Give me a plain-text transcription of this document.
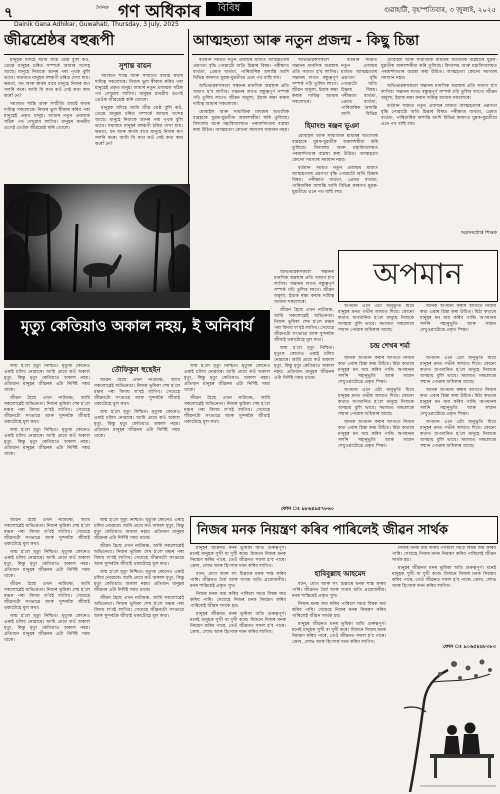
৭	দৈনিক গণ অধিকাৰ	বিবিধ	গুৱাহাটী, বৃহস্পতিবাৰ, ৩ জুলাই, ২০২৫
Dainik Gana Adhikar, Guwahati, Thursday, 3 July, 2025
জীৱশ্ৰেষ্ঠৰ বহুৰূপী

মানুহক যদিহে আমি জীৱ শ্ৰেষ্ঠ বুলি কওঁ, তেন্তে মানুহৰ চৰিত্ৰ সম্পৰ্কে আমাৰ সন্দেহ আছে। মানুহে নিজকে আনৰ পৰা পৃথক বুলি ভাবে। সমাজত মানুহৰ বহুৰূপী চৰিত্ৰ দেখা যায়। ক্ষমতা, ধন আৰু স্বাৰ্থৰ বাবে মানুহে নিজৰ ৰূপ সলনি কৰে। আমি যি কথা কওঁ সেই কথা কাম কৰোঁ নে?

সমাজত শান্তি আৰু সম্প্ৰীতি বজাই ৰখাৰ দায়িত্ব সকলোৰে। নিজৰ ভুল স্বীকাৰ কৰিব পৰা মানুহেই প্ৰকৃত মানুহ। আমাৰ নতুন প্ৰজন্মক সঠিক পথ দেখুৱাব লাগিব। মানুহৰ মানৱীয় গুণেই তেওঁক জীৱশ্ৰেষ্ঠ কৰি তোলে।

সুশান্ত বায়ন

সমাজত শান্তি আৰু সম্প্ৰীতি বজাই ৰখাৰ দায়িত্ব সকলোৰে। নিজৰ ভুল স্বীকাৰ কৰিব পৰা মানুহেই প্ৰকৃত মানুহ। আমাৰ নতুন প্ৰজন্মক সঠিক পথ দেখুৱাব লাগিব। মানুহৰ মানৱীয় গুণেই তেওঁক জীৱশ্ৰেষ্ঠ কৰি তোলে।

মানুহক যদিহে আমি জীৱ শ্ৰেষ্ঠ বুলি কওঁ, তেন্তে মানুহৰ চৰিত্ৰ সম্পৰ্কে আমাৰ সন্দেহ আছে। মানুহে নিজকে আনৰ পৰা পৃথক বুলি ভাবে। সমাজত মানুহৰ বহুৰূপী চৰিত্ৰ দেখা যায়। ক্ষমতা, ধন আৰু স্বাৰ্থৰ বাবে মানুহে নিজৰ ৰূপ সলনি কৰে। আমি যি কথা কওঁ সেই কথা কাম কৰোঁ নে?

আত্মহত্যা আৰু নতুন প্ৰজন্ম - কিছু চিন্তা

বৰ্তমান সময়ত নতুন প্ৰজন্মৰ মাজত আত্মহত্যাৰ প্ৰৱণতা বৃদ্ধি পোৱাটো অতি চিন্তাৰ বিষয়। পৰীক্ষাত ব্যৰ্থতা, প্ৰেমত ব্যৰ্থতা, পাৰিবাৰিক অশান্তি আদি বিভিন্ন কাৰণত যুৱক-যুৱতীয়ে এনে পথ বাছি লয়।

অভিভাৱকসকলে সন্তানৰ মানসিক অৱস্থাৰ প্ৰতি সজাগ হ'ব লাগিব। সন্তানৰ লগত বন্ধুত্বপূৰ্ণ সম্পৰ্ক গঢ়ি তুলিব লাগে। জীৱন অমূল্য, ইয়াক ৰক্ষা কৰাৰ দায়িত্ব আমাৰ সকলোৰে।

মোবাইল আৰু সামাজিক মাধ্যমৰ অত্যধিক ব্যৱহাৰে যুৱক-যুৱতীক অকলশৰীয়া কৰি তুলিছে। বিদ্যালয় আৰু মহাবিদ্যালয়ত পৰামৰ্শদাতাৰ ব্যৱস্থা কৰা উচিত। আত্মহত্যা কোনো সমস্যাৰ সমাধান নহয়।

অভিভাৱকসকলে সন্তানৰ মানসিক অৱস্থাৰ প্ৰতি সজাগ হ'ব লাগিব। সন্তানৰ লগত বন্ধুত্বপূৰ্ণ সম্পৰ্ক গঢ়ি তুলিব লাগে। জীৱন অমূল্য, ইয়াক ৰক্ষা কৰাৰ দায়িত্ব আমাৰ সকলোৰে।

হিমাংশু ৰঞ্জন ভূঞা

মোবাইল আৰু সামাজিক মাধ্যমৰ অত্যধিক ব্যৱহাৰে যুৱক-যুৱতীক অকলশৰীয়া কৰি তুলিছে। বিদ্যালয় আৰু মহাবিদ্যালয়ত পৰামৰ্শদাতাৰ ব্যৱস্থা কৰা উচিত। আত্মহত্যা কোনো সমস্যাৰ সমাধান নহয়।

বৰ্তমান সময়ত নতুন প্ৰজন্মৰ মাজত আত্মহত্যাৰ প্ৰৱণতা বৃদ্ধি পোৱাটো অতি চিন্তাৰ বিষয়। পৰীক্ষাত ব্যৰ্থতা, প্ৰেমত ব্যৰ্থতা, পাৰিবাৰিক অশান্তি আদি বিভিন্ন কাৰণত যুৱক-যুৱতীয়ে এনে পথ বাছি লয়।

বৰ্তমান সময়ত নতুন প্ৰজন্মৰ মাজত আত্মহত্যাৰ প্ৰৱণতা বৃদ্ধি পোৱাটো অতি চিন্তাৰ বিষয়। পৰীক্ষাত ব্যৰ্থতা, প্ৰেমত ব্যৰ্থতা, পাৰিবাৰিক অশান্তি আদি বিভিন্ন

মোবাইল আৰু সামাজিক মাধ্যমৰ অত্যধিক ব্যৱহাৰে যুৱক-যুৱতীক অকলশৰীয়া কৰি তুলিছে। বিদ্যালয় আৰু মহাবিদ্যালয়ত পৰামৰ্শদাতাৰ ব্যৱস্থা কৰা উচিত। আত্মহত্যা কোনো সমস্যাৰ সমাধান নহয়।

অভিভাৱকসকলে সন্তানৰ মানসিক অৱস্থাৰ প্ৰতি সজাগ হ'ব লাগিব। সন্তানৰ লগত বন্ধুত্বপূৰ্ণ সম্পৰ্ক গঢ়ি তুলিব লাগে। জীৱন অমূল্য, ইয়াক ৰক্ষা কৰাৰ দায়িত্ব আমাৰ সকলোৰে।

বৰ্তমান সময়ত নতুন প্ৰজন্মৰ মাজত আত্মহত্যাৰ প্ৰৱণতা বৃদ্ধি পোৱাটো অতি চিন্তাৰ বিষয়। পৰীক্ষাত ব্যৰ্থতা, প্ৰেমত ব্যৰ্থতা, পাৰিবাৰিক অশান্তি আদি বিভিন্ন কাৰণত যুৱক-যুৱতীয়ে এনে পথ বাছি লয়।

অৱসৰপ্ৰাপ্ত শিক্ষক
মৃত্যু কেতিয়াও অকাল নহয়, ই অনিবাৰ্য
অপমান

অপমান এনে এটা অনুভূতি যিয়ে মানুহৰ মনত গভীৰ আঘাত দিয়ে। কোনো কথাত অপমানিত হ'লে মানুহে নিজকে অসহায় বুলি ভাবে। সমাজত সকলোৰে সন্মান পোৱাৰ অধিকাৰ আছে।

আনক অপমান কৰাৰ আগতে নিজৰ কথা এবাৰ চিন্তা কৰা উচিত। মিঠা কথাৰে মানুহৰ মন জয় কৰিব পাৰি। অপমানৰ সলনি সহানুভূতি আৰু সন্মান দেখুওৱাটোৱে প্ৰকৃত শিক্ষা।

চন্দ্ৰ শেখৰ শৰ্মা

আনক অপমান কৰাৰ আগতে নিজৰ কথা এবাৰ চিন্তা কৰা উচিত। মিঠা কথাৰে মানুহৰ মন জয় কৰিব পাৰি। অপমানৰ সলনি সহানুভূতি আৰু সন্মান দেখুওৱাটোৱে প্ৰকৃত শিক্ষা।

অপমান এনে এটা অনুভূতি যিয়ে মানুহৰ মনত গভীৰ আঘাত দিয়ে। কোনো কথাত অপমানিত হ'লে মানুহে নিজকে অসহায় বুলি ভাবে। সমাজত সকলোৰে সন্মান পোৱাৰ অধিকাৰ আছে।

আনক অপমান কৰাৰ আগতে নিজৰ কথা এবাৰ চিন্তা কৰা উচিত। মিঠা কথাৰে মানুহৰ মন জয় কৰিব পাৰি। অপমানৰ সলনি সহানুভূতি আৰু সন্মান দেখুওৱাটোৱে প্ৰকৃত শিক্ষা।

অপমান এনে এটা অনুভূতি যিয়ে মানুহৰ মনত গভীৰ আঘাত দিয়ে। কোনো কথাত অপমানিত হ'লে মানুহে নিজকে অসহায় বুলি ভাবে। সমাজত সকলোৰে সন্মান পোৱাৰ অধিকাৰ আছে।

আনক অপমান কৰাৰ আগতে নিজৰ কথা এবাৰ চিন্তা কৰা উচিত। মিঠা কথাৰে মানুহৰ মন জয় কৰিব পাৰি। অপমানৰ সলনি সহানুভূতি আৰু সন্মান দেখুওৱাটোৱে প্ৰকৃত শিক্ষা।

অপমান এনে এটা অনুভূতি যিয়ে মানুহৰ মনত গভীৰ আঘাত দিয়ে। কোনো কথাত অপমানিত হ'লে মানুহে নিজকে অসহায় বুলি ভাবে। সমাজত সকলোৰে সন্মান পোৱাৰ অধিকাৰ আছে।

জন্ম হ'লে মৃত্যু নিশ্চিত। মৃত্যুক কোনেও এৰাই চলিব নোৱাৰে। আমি প্ৰায়ে কওঁ অকাল মৃত্যু, কিন্তু মৃত্যু কেতিয়াও অকাল নহয়। প্ৰতিজন মানুহৰ জীৱনৰ এটা নিৰ্দিষ্ট সময় থাকে।

জীৱন হৈছে এখন নাট্যমঞ্চ, আমি সকলোৱেই অভিনেতা। নিজৰ ভূমিকা শেষ হ'লে মঞ্চৰ পৰা বিদায় ল'বই লাগিব। সেয়েহে জীৱনটো সৎভাৱে আৰু সুন্দৰকৈ জীয়াই থকাটোহে মূল কথা।

জন্ম হ'লে মৃত্যু নিশ্চিত। মৃত্যুক কোনেও এৰাই চলিব নোৱাৰে। আমি প্ৰায়ে কওঁ অকাল মৃত্যু, কিন্তু মৃত্যু কেতিয়াও অকাল নহয়। প্ৰতিজন মানুহৰ জীৱনৰ এটা নিৰ্দিষ্ট সময় থাকে।

তৌফিকুল হুছেইন

জীৱন হৈছে এখন নাট্যমঞ্চ, আমি সকলোৱেই অভিনেতা। নিজৰ ভূমিকা শেষ হ'লে মঞ্চৰ পৰা বিদায় ল'বই লাগিব। সেয়েহে জীৱনটো সৎভাৱে আৰু সুন্দৰকৈ জীয়াই থকাটোহে মূল কথা।

জন্ম হ'লে মৃত্যু নিশ্চিত। মৃত্যুক কোনেও এৰাই চলিব নোৱাৰে। আমি প্ৰায়ে কওঁ অকাল মৃত্যু, কিন্তু মৃত্যু কেতিয়াও অকাল নহয়। প্ৰতিজন মানুহৰ জীৱনৰ এটা নিৰ্দিষ্ট সময় থাকে।

জন্ম হ'লে মৃত্যু নিশ্চিত। মৃত্যুক কোনেও এৰাই চলিব নোৱাৰে। আমি প্ৰায়ে কওঁ অকাল মৃত্যু, কিন্তু মৃত্যু কেতিয়াও অকাল নহয়। প্ৰতিজন মানুহৰ জীৱনৰ এটা নিৰ্দিষ্ট সময় থাকে।

জীৱন হৈছে এখন নাট্যমঞ্চ, আমি সকলোৱেই অভিনেতা। নিজৰ ভূমিকা শেষ হ'লে মঞ্চৰ পৰা বিদায় ল'বই লাগিব। সেয়েহে জীৱনটো সৎভাৱে আৰু সুন্দৰকৈ জীয়াই থকাটোহে মূল কথা।

অভিভাৱকসকলে সন্তানৰ মানসিক অৱস্থাৰ প্ৰতি সজাগ হ'ব লাগিব। সন্তানৰ লগত বন্ধুত্বপূৰ্ণ সম্পৰ্ক গঢ়ি তুলিব লাগে। জীৱন অমূল্য, ইয়াক ৰক্ষা কৰাৰ দায়িত্ব আমাৰ সকলোৰে।

জীৱন হৈছে এখন নাট্যমঞ্চ, আমি সকলোৱেই অভিনেতা। নিজৰ ভূমিকা শেষ হ'লে মঞ্চৰ পৰা বিদায় ল'বই লাগিব। সেয়েহে জীৱনটো সৎভাৱে আৰু সুন্দৰকৈ জীয়াই থকাটোহে মূল কথা।

জন্ম হ'লে মৃত্যু নিশ্চিত। মৃত্যুক কোনেও এৰাই চলিব নোৱাৰে। আমি প্ৰায়ে কওঁ অকাল মৃত্যু, কিন্তু মৃত্যু কেতিয়াও অকাল নহয়। প্ৰতিজন মানুহৰ জীৱনৰ এটা নিৰ্দিষ্ট সময় থাকে।

ফোন ঃ ৯৮৬৪৯৫৭৮৬০
নিজৰ মনক নিয়ন্ত্ৰণ কৰিব পাৰিলেই জীৱন সাৰ্থক

জীৱন হৈছে এখন নাট্যমঞ্চ, আমি সকলোৱেই অভিনেতা। নিজৰ ভূমিকা শেষ হ'লে মঞ্চৰ পৰা বিদায় ল'বই লাগিব। সেয়েহে জীৱনটো সৎভাৱে আৰু সুন্দৰকৈ জীয়াই থকাটোহে মূল কথা।

জন্ম হ'লে মৃত্যু নিশ্চিত। মৃত্যুক কোনেও এৰাই চলিব নোৱাৰে। আমি প্ৰায়ে কওঁ অকাল মৃত্যু, কিন্তু মৃত্যু কেতিয়াও অকাল নহয়। প্ৰতিজন মানুহৰ জীৱনৰ এটা নিৰ্দিষ্ট সময় থাকে।

জীৱন হৈছে এখন নাট্যমঞ্চ, আমি সকলোৱেই অভিনেতা। নিজৰ ভূমিকা শেষ হ'লে মঞ্চৰ পৰা বিদায় ল'বই লাগিব। সেয়েহে জীৱনটো সৎভাৱে আৰু সুন্দৰকৈ জীয়াই থকাটোহে মূল কথা।

জন্ম হ'লে মৃত্যু নিশ্চিত। মৃত্যুক কোনেও এৰাই চলিব নোৱাৰে। আমি প্ৰায়ে কওঁ অকাল মৃত্যু, কিন্তু মৃত্যু কেতিয়াও অকাল নহয়। প্ৰতিজন মানুহৰ জীৱনৰ এটা নিৰ্দিষ্ট সময় থাকে।

জন্ম হ'লে মৃত্যু নিশ্চিত। মৃত্যুক কোনেও এৰাই চলিব নোৱাৰে। আমি প্ৰায়ে কওঁ অকাল মৃত্যু, কিন্তু মৃত্যু কেতিয়াও অকাল নহয়। প্ৰতিজন মানুহৰ জীৱনৰ এটা নিৰ্দিষ্ট সময় থাকে।

জীৱন হৈছে এখন নাট্যমঞ্চ, আমি সকলোৱেই অভিনেতা। নিজৰ ভূমিকা শেষ হ'লে মঞ্চৰ পৰা বিদায় ল'বই লাগিব। সেয়েহে জীৱনটো সৎভাৱে আৰু সুন্দৰকৈ জীয়াই থকাটোহে মূল কথা।

জন্ম হ'লে মৃত্যু নিশ্চিত। মৃত্যুক কোনেও এৰাই চলিব নোৱাৰে। আমি প্ৰায়ে কওঁ অকাল মৃত্যু, কিন্তু মৃত্যু কেতিয়াও অকাল নহয়। প্ৰতিজন মানুহৰ জীৱনৰ এটা নিৰ্দিষ্ট সময় থাকে।

জীৱন হৈছে এখন নাট্যমঞ্চ, আমি সকলোৱেই অভিনেতা। নিজৰ ভূমিকা শেষ হ'লে মঞ্চৰ পৰা বিদায় ল'বই লাগিব। সেয়েহে জীৱনটো সৎভাৱে আৰু সুন্দৰকৈ জীয়াই থকাটোহে মূল কথা।

মানুহৰ জীৱনত মনৰ ভূমিকা অতি গুৰুত্বপূৰ্ণ। মনেই মানুহক সুখী বা দুখী কৰে। যিজনে নিজৰ মনক নিয়ন্ত্ৰণ কৰিব পাৰে, তেওঁ জীৱনত সফল হ'ব পাৰে। ক্ৰোধ, লোভ আৰু হিংসাক দমন কৰিব লাগিব।

ধ্যান, যোগ আৰু সৎ চিন্তাৰে মনক শান্ত কৰিব পাৰি। জীৱনত ধৈৰ্য আৰু সংযম অতি প্ৰয়োজনীয়। মনৰ শান্তিয়েই প্ৰকৃত সুখ।

নিজৰ মনক জয় কৰিব পাৰিলে সমগ্ৰ বিশ্বক জয় কৰিব পাৰি। সেয়েহে নিজৰ মনক নিয়ন্ত্ৰণ কৰিব পাৰিলেই জীৱন সাৰ্থক হয়।

মানুহৰ জীৱনত মনৰ ভূমিকা অতি গুৰুত্বপূৰ্ণ। মনেই মানুহক সুখী বা দুখী কৰে। যিজনে নিজৰ মনক নিয়ন্ত্ৰণ কৰিব পাৰে, তেওঁ জীৱনত সফল হ'ব পাৰে। ক্ৰোধ, লোভ আৰু হিংসাক দমন কৰিব লাগিব।

হাবিবুল্লাহ আহমেদ

ধ্যান, যোগ আৰু সৎ চিন্তাৰে মনক শান্ত কৰিব পাৰি। জীৱনত ধৈৰ্য আৰু সংযম অতি প্ৰয়োজনীয়। মনৰ শান্তিয়েই প্ৰকৃত সুখ।

নিজৰ মনক জয় কৰিব পাৰিলে সমগ্ৰ বিশ্বক জয় কৰিব পাৰি। সেয়েহে নিজৰ মনক নিয়ন্ত্ৰণ কৰিব পাৰিলেই জীৱন সাৰ্থক হয়।

মানুহৰ জীৱনত মনৰ ভূমিকা অতি গুৰুত্বপূৰ্ণ। মনেই মানুহক সুখী বা দুখী কৰে। যিজনে নিজৰ মনক নিয়ন্ত্ৰণ কৰিব পাৰে, তেওঁ জীৱনত সফল হ'ব পাৰে। ক্ৰোধ, লোভ আৰু হিংসাক দমন কৰিব লাগিব।

নিজৰ মনক জয় কৰিব পাৰিলে সমগ্ৰ বিশ্বক জয় কৰিব পাৰি। সেয়েহে নিজৰ মনক নিয়ন্ত্ৰণ কৰিব পাৰিলেই জীৱন সাৰ্থক হয়।

মানুহৰ জীৱনত মনৰ ভূমিকা অতি গুৰুত্বপূৰ্ণ। মনেই মানুহক সুখী বা দুখী কৰে। যিজনে নিজৰ মনক নিয়ন্ত্ৰণ কৰিব পাৰে, তেওঁ জীৱনত সফল হ'ব পাৰে। ক্ৰোধ, লোভ আৰু হিংসাক দমন কৰিব লাগিব।

ফোন ঃ ৯০৬৫৪৪৮৩৮৩
